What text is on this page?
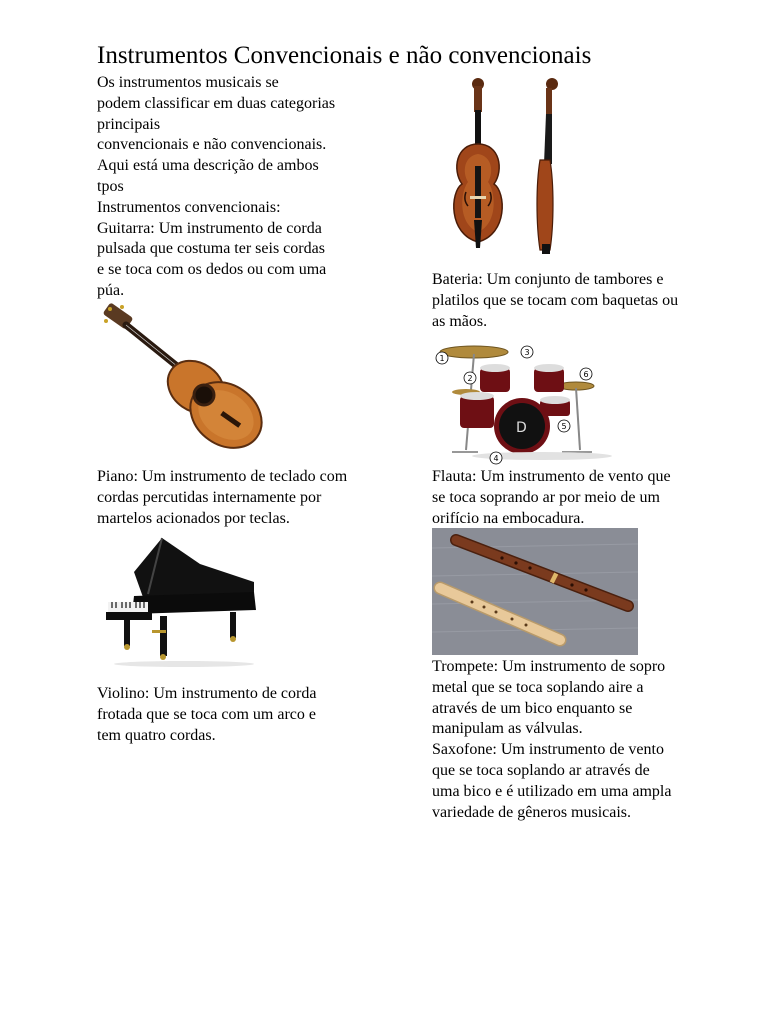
Instrumentos Convencionais e não convencionais

Os instrumentos musicais se
podem classificar em duas categorias
principais
convencionais e não convencionais.
Aqui está uma descrição de ambos
tpos
Instrumentos convencionais:
Guitarra: Um instrumento de corda
pulsada que costuma ter seis cordas
e se toca com os dedos ou com uma
púa.

Piano: Um instrumento de teclado com
cordas percutidas internamente por
martelos acionados por teclas.

Violino: Um instrumento de corda
frotada que se toca com um arco e
tem quatro cordas.

Bateria: Um conjunto de tambores e
platilos que se tocam com baquetas ou
as mãos.

D
1
2
3
4
5
6

Flauta: Um instrumento de vento que
se toca soprando ar por meio de um
orifício na embocadura.

Trompete: Um instrumento de sopro
metal que se toca soplando aire a
através de um bico enquanto se
manipulam as válvulas.
Saxofone: Um instrumento de vento
que se toca soplando ar através de
uma bico e é utilizado em uma ampla
variedade de gêneros musicais.
